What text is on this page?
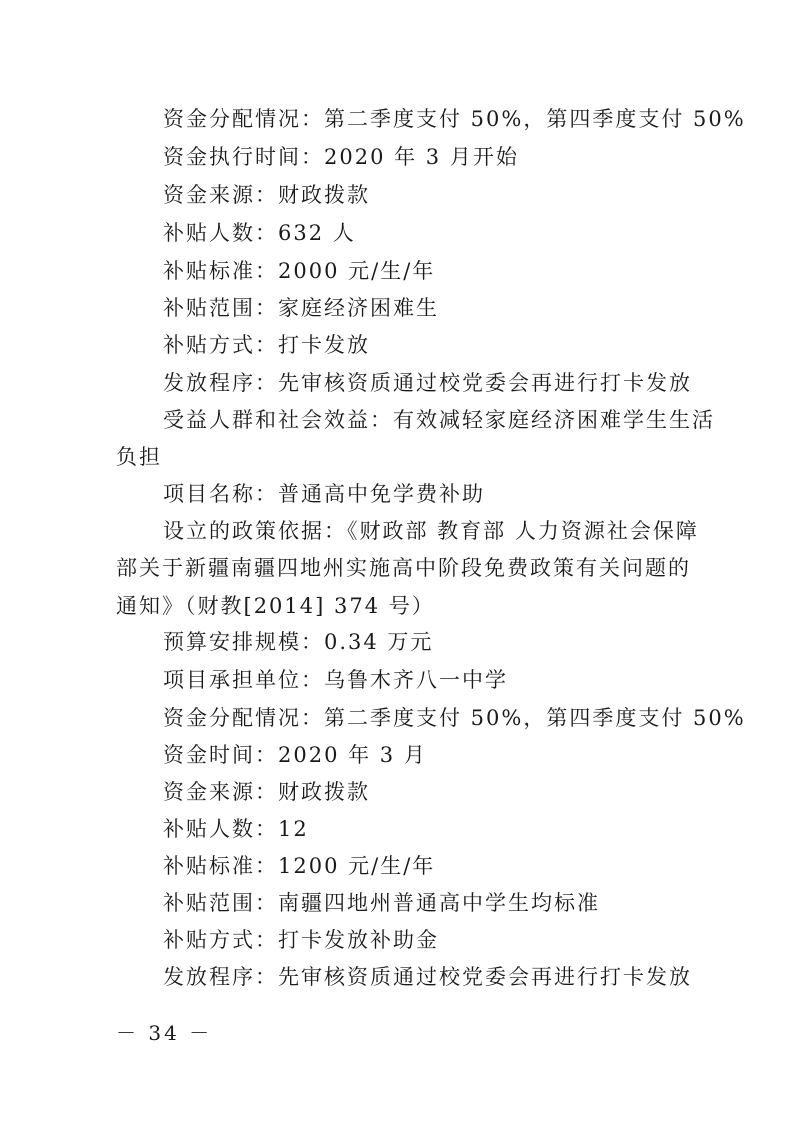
资金分配情况：第二季度支付 50%，第四季度支付 50%
资金执行时间：2020 年 3 月开始
资金来源：财政拨款
补贴人数：632 人
补贴标准：2000 元/生/年
补贴范围：家庭经济困难生
补贴方式：打卡发放
发放程序：先审核资质通过校党委会再进行打卡发放
受益人群和社会效益：有效减轻家庭经济困难学生生活
负担
项目名称：普通高中免学费补助
设立的政策依据：《财政部 教育部 人力资源社会保障
部关于新疆南疆四地州实施高中阶段免费政策有关问题的
通知》（财教[2014] 374 号）
预算安排规模：0.34 万元
项目承担单位：乌鲁木齐八一中学
资金分配情况：第二季度支付 50%，第四季度支付 50%
资金时间：2020 年 3 月
资金来源：财政拨款
补贴人数：12
补贴标准：1200 元/生/年
补贴范围：南疆四地州普通高中学生均标准
补贴方式：打卡发放补助金
发放程序：先审核资质通过校党委会再进行打卡发放
－ 34 －
